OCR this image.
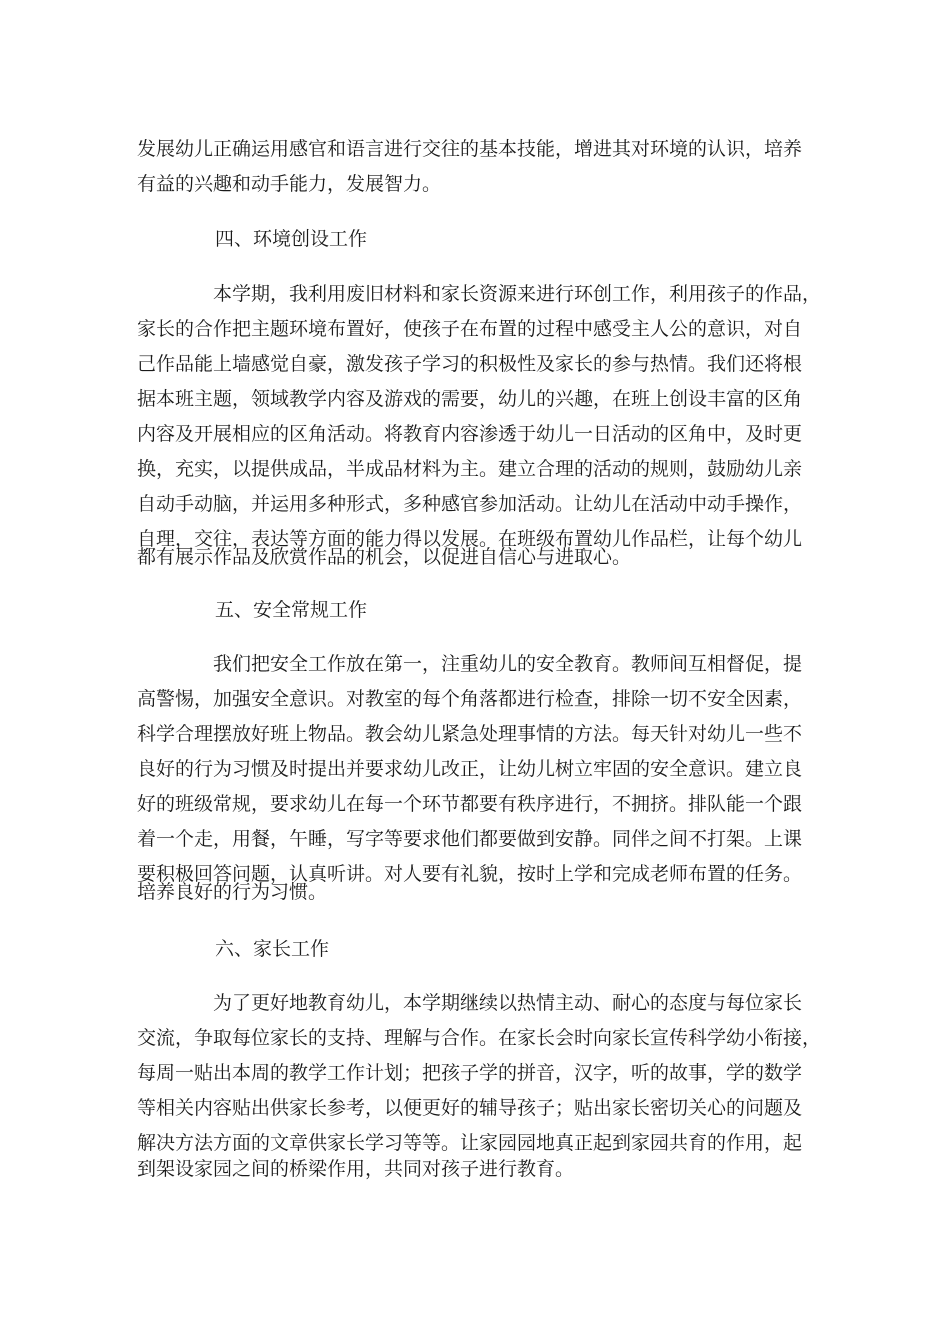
发展幼儿正确运用感官和语言进行交往的基本技能，增进其对环境的认识，培养
有益的兴趣和动手能力，发展智力。
四、环境创设工作
本学期，我利用废旧材料和家长资源来进行环创工作，利用孩子的作品，
家长的合作把主题环境布置好，使孩子在布置的过程中感受主人公的意识，对自
己作品能上墙感觉自豪，激发孩子学习的积极性及家长的参与热情。我们还将根
据本班主题，领域教学内容及游戏的需要，幼儿的兴趣，在班上创设丰富的区角
内容及开展相应的区角活动。将教育内容渗透于幼儿一日活动的区角中，及时更
换，充实，以提供成品，半成品材料为主。建立合理的活动的规则，鼓励幼儿亲
自动手动脑，并运用多种形式，多种感官参加活动。让幼儿在活动中动手操作，
自理，交往，表达等方面的能力得以发展。在班级布置幼儿作品栏，让每个幼儿
都有展示作品及欣赏作品的机会，以促进自信心与进取心。
五、安全常规工作
我们把安全工作放在第一，注重幼儿的安全教育。教师间互相督促，提
高警惕，加强安全意识。对教室的每个角落都进行检查，排除一切不安全因素，
科学合理摆放好班上物品。教会幼儿紧急处理事情的方法。每天针对幼儿一些不
良好的行为习惯及时提出并要求幼儿改正，让幼儿树立牢固的安全意识。建立良
好的班级常规，要求幼儿在每一个环节都要有秩序进行，不拥挤。排队能一个跟
着一个走，用餐，午睡，写字等要求他们都要做到安静。同伴之间不打架。上课
要积极回答问题，认真听讲。对人要有礼貌，按时上学和完成老师布置的任务。
培养良好的行为习惯。
六、家长工作
为了更好地教育幼儿，本学期继续以热情主动、耐心的态度与每位家长
交流，争取每位家长的支持、理解与合作。在家长会时向家长宣传科学幼小衔接，
每周一贴出本周的教学工作计划；把孩子学的拼音，汉字，听的故事，学的数学
等相关内容贴出供家长参考，以便更好的辅导孩子；贴出家长密切关心的问题及
解决方法方面的文章供家长学习等等。让家园园地真正起到家园共育的作用，起
到架设家园之间的桥梁作用，共同对孩子进行教育。
